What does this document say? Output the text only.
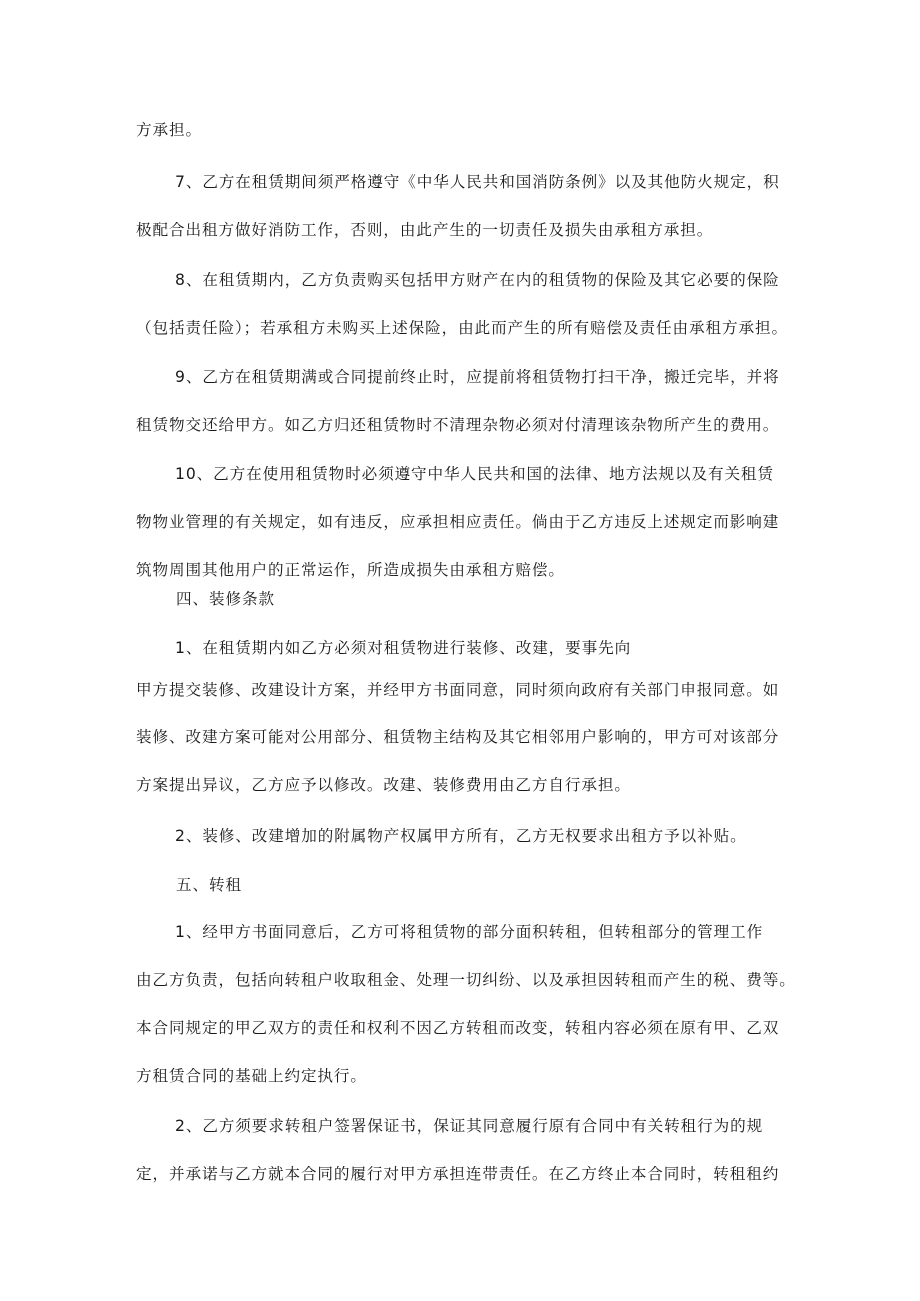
方承担。
7、乙方在租赁期间须严格遵守《中华人民共和国消防条例》以及其他防火规定，积
极配合出租方做好消防工作，否则，由此产生的一切责任及损失由承租方承担。
8、在租赁期内，乙方负责购买包括甲方财产在内的租赁物的保险及其它必要的保险
（包括责任险）；若承租方未购买上述保险，由此而产生的所有赔偿及责任由承租方承担。
9、乙方在租赁期满或合同提前终止时，应提前将租赁物打扫干净，搬迁完毕，并将
租赁物交还给甲方。如乙方归还租赁物时不清理杂物必须对付清理该杂物所产生的费用。
10、乙方在使用租赁物时必须遵守中华人民共和国的法律、地方法规以及有关租赁
物物业管理的有关规定，如有违反，应承担相应责任。倘由于乙方违反上述规定而影响建
筑物周围其他用户的正常运作，所造成损失由承租方赔偿。
四、装修条款
1、在租赁期内如乙方必须对租赁物进行装修、改建，要事先向
甲方提交装修、改建设计方案，并经甲方书面同意，同时须向政府有关部门申报同意。如
装修、改建方案可能对公用部分、租赁物主结构及其它相邻用户影响的，甲方可对该部分
方案提出异议，乙方应予以修改。改建、装修费用由乙方自行承担。
2、装修、改建增加的附属物产权属甲方所有，乙方无权要求出租方予以补贴。
五、转租
1、经甲方书面同意后，乙方可将租赁物的部分面积转租，但转租部分的管理工作
由乙方负责，包括向转租户收取租金、处理一切纠纷、以及承担因转租而产生的税、费等。
本合同规定的甲乙双方的责任和权利不因乙方转租而改变，转租内容必须在原有甲、乙双
方租赁合同的基础上约定执行。
2、乙方须要求转租户签署保证书，保证其同意履行原有合同中有关转租行为的规
定，并承诺与乙方就本合同的履行对甲方承担连带责任。在乙方终止本合同时，转租租约
